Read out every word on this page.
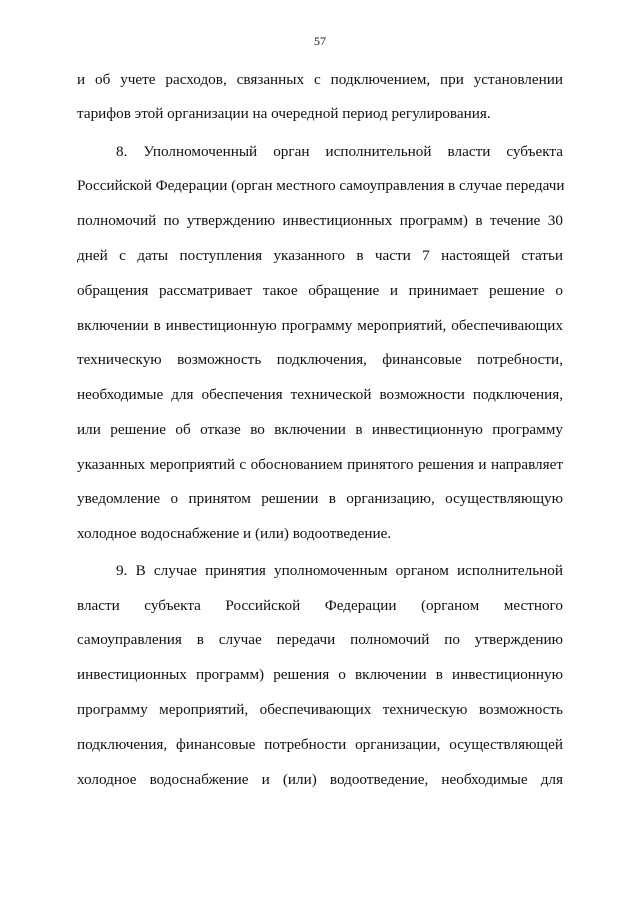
57
и об учете расходов, связанных с подключением, при установлении
тарифов этой организации на очередной период регулирования.
8. Уполномоченный орган исполнительной власти субъекта
Российской Федерации (орган местного самоуправления в случае передачи
полномочий по утверждению инвестиционных программ) в течение 30
дней с даты поступления указанного в части 7 настоящей статьи
обращения рассматривает такое обращение и принимает решение о
включении в инвестиционную программу мероприятий, обеспечивающих
техническую возможность подключения, финансовые потребности,
необходимые для обеспечения технической возможности подключения,
или решение об отказе во включении в инвестиционную программу
указанных мероприятий с обоснованием принятого решения и направляет
уведомление о принятом решении в организацию, осуществляющую
холодное водоснабжение и (или) водоотведение.
9. В случае принятия уполномоченным органом исполнительной
власти субъекта Российской Федерации (органом местного
самоуправления в случае передачи полномочий по утверждению
инвестиционных программ) решения о включении в инвестиционную
программу мероприятий, обеспечивающих техническую возможность
подключения, финансовые потребности организации, осуществляющей
холодное водоснабжение и (или) водоотведение, необходимые для
